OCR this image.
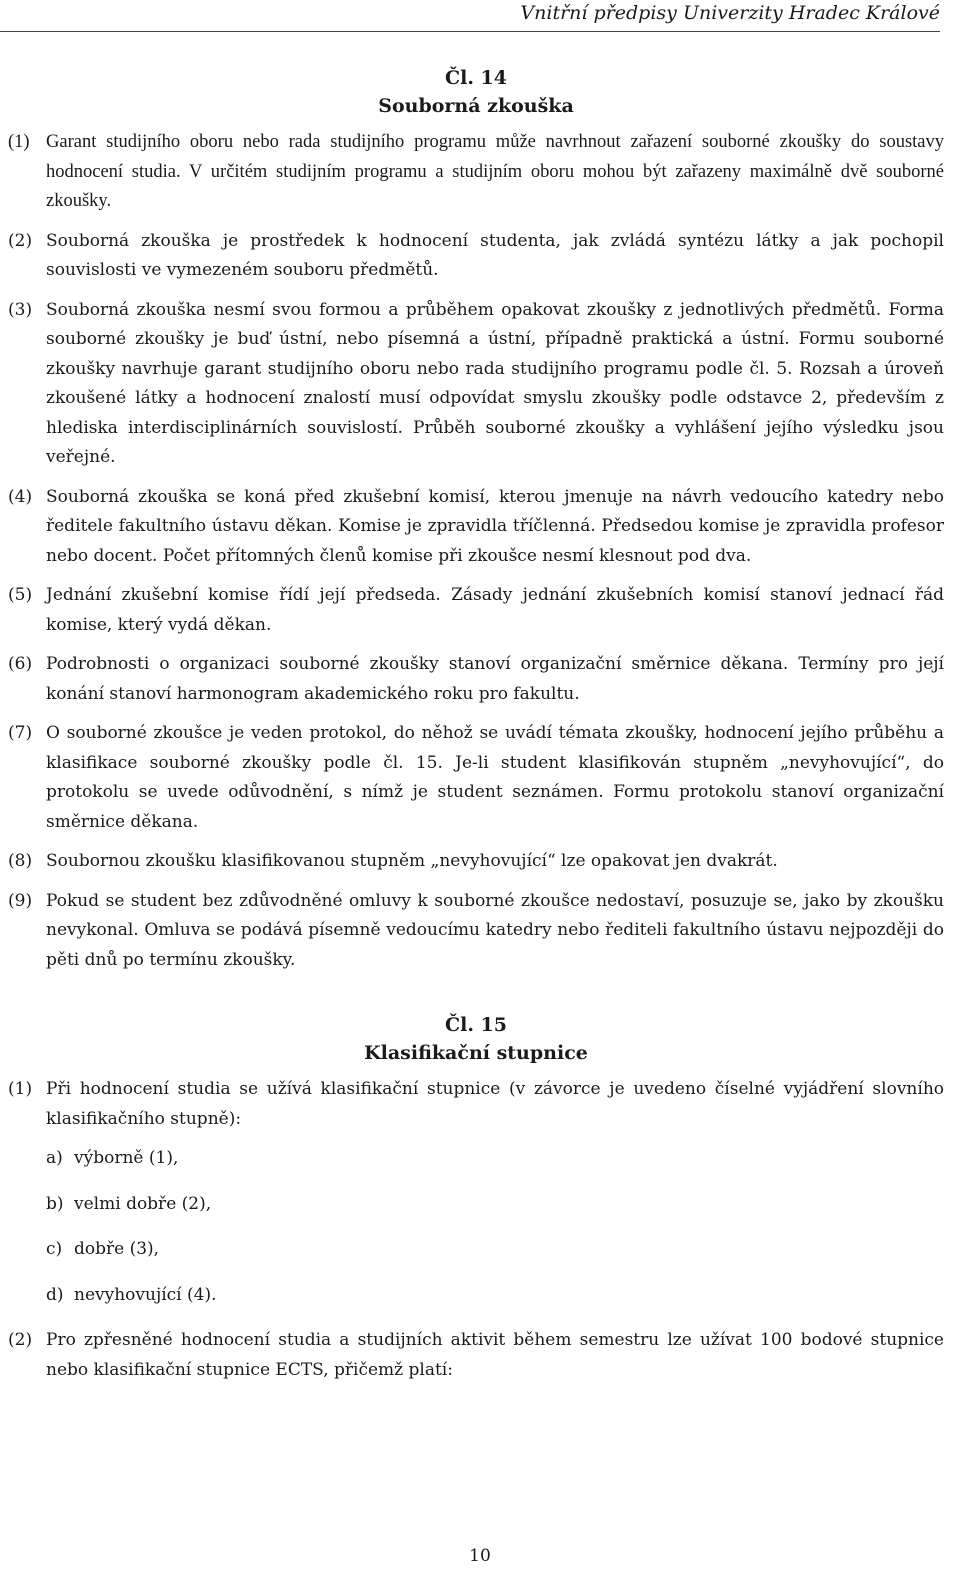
Vnitřní předpisy Univerzity Hradec Králové

Čl. 14

Souborná zkouška

(1) Garant studijního oboru nebo rada studijního programu může navrhnout zařazení souborné zkoušky do soustavy hodnocení studia. V určitém studijním programu a studijním oboru mohou být zařazeny maximálně dvě souborné zkoušky.

(2) Souborná zkouška je prostředek k hodnocení studenta, jak zvládá syntézu látky a jak pochopil souvislosti ve vymezeném souboru předmětů.

(3) Souborná zkouška nesmí svou formou a průběhem opakovat zkoušky z jednotlivých předmětů. Forma souborné zkoušky je buď ústní, nebo písemná a ústní, případně praktická a ústní. Formu souborné zkoušky navrhuje garant studijního oboru nebo rada studijního programu podle čl. 5. Rozsah a úroveň zkoušené látky a hodnocení znalostí musí odpovídat smyslu zkoušky podle odstavce 2, především z hlediska interdisciplinárních souvislostí. Průběh souborné zkoušky a vyhlášení jejího výsledku jsou veřejné.

(4) Souborná zkouška se koná před zkušební komisí, kterou jmenuje na návrh vedoucího katedry nebo ředitele fakultního ústavu děkan. Komise je zpravidla tříčlenná. Předsedou komise je zpravidla profesor nebo docent. Počet přítomných členů komise při zkoušce nesmí klesnout pod dva.

(5) Jednání zkušební komise řídí její předseda. Zásady jednání zkušebních komisí stanoví jednací řád komise, který vydá děkan.

(6) Podrobnosti o organizaci souborné zkoušky stanoví organizační směrnice děkana. Termíny pro její konání stanoví harmonogram akademického roku pro fakultu.

(7) O souborné zkoušce je veden protokol, do něhož se uvádí témata zkoušky, hodnocení jejího průběhu a klasifikace souborné zkoušky podle čl. 15. Je-li student klasifikován stupněm „nevyhovující“, do protokolu se uvede odůvodnění, s nímž je student seznámen. Formu protokolu stanoví organizační směrnice děkana.

(8) Soubornou zkoušku klasifikovanou stupněm „nevyhovující“ lze opakovat jen dvakrát.

(9) Pokud se student bez zdůvodněné omluvy k souborné zkoušce nedostaví, posuzuje se, jako by zkoušku nevykonal. Omluva se podává písemně vedoucímu katedry nebo řediteli fakultního ústavu nejpozději do pěti dnů po termínu zkoušky.

Čl. 15

Klasifikační stupnice

(1) Při hodnocení studia se užívá klasifikační stupnice (v závorce je uvedeno číselné vyjádření slovního klasifikačního stupně):

a) výborně (1),
b) velmi dobře (2),
c) dobře (3),
d) nevyhovující (4).

(2) Pro zpřesněné hodnocení studia a studijních aktivit během semestru lze užívat 100 bodové stupnice nebo klasifikační stupnice ECTS, přičemž platí:

10
